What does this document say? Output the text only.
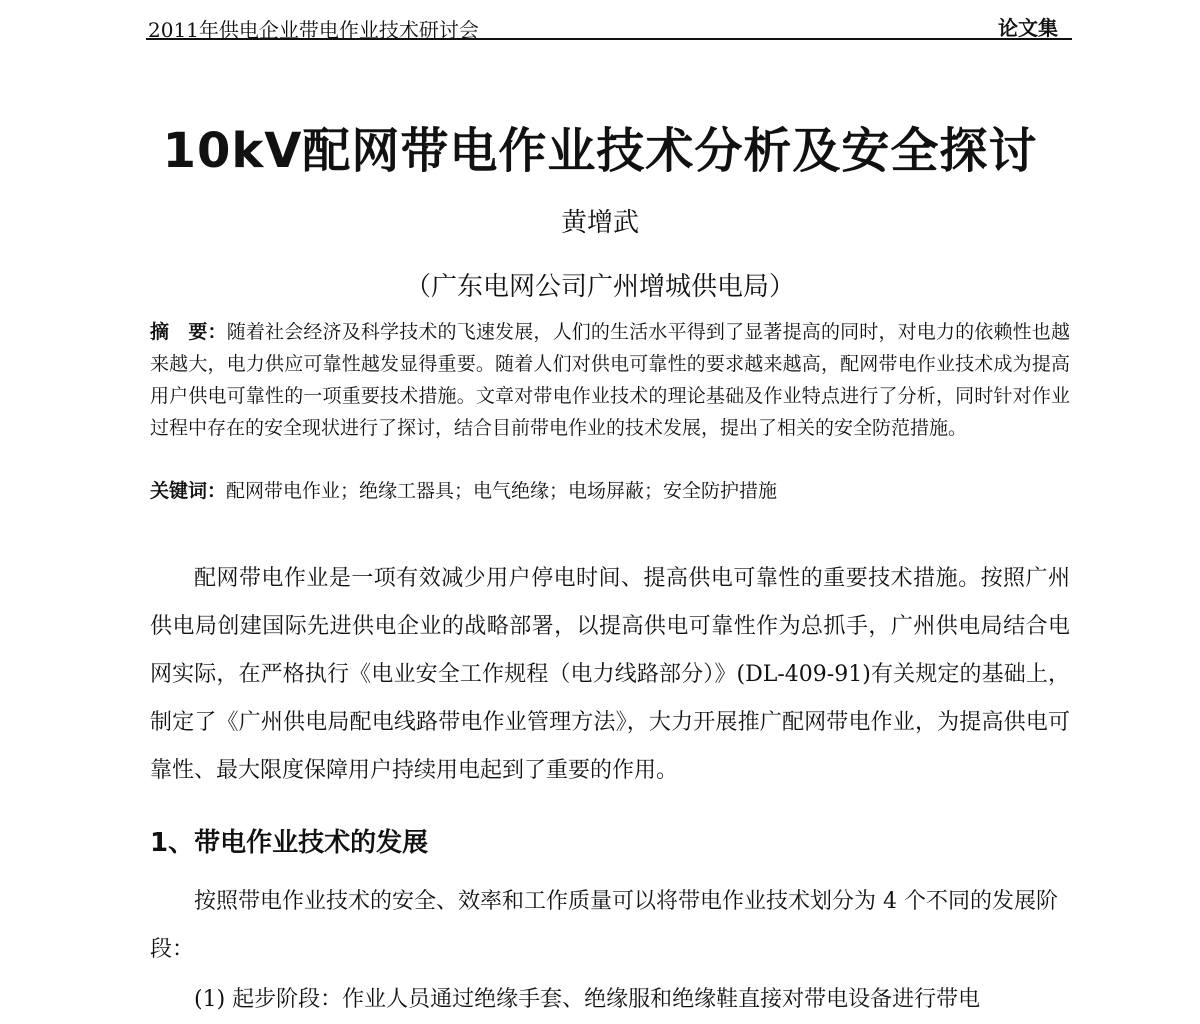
2011年供电企业带电作业技术研讨会	论文集
10kV配网带电作业技术分析及安全探讨
黄增武
（广东电网公司广州增城供电局）
摘　要：随着社会经济及科学技术的飞速发展，人们的生活水平得到了显著提高的同时，对电力的依赖性也越来越大，电力供应可靠性越发显得重要。随着人们对供电可靠性的要求越来越高，配网带电作业技术成为提高用户供电可靠性的一项重要技术措施。文章对带电作业技术的理论基础及作业特点进行了分析，同时针对作业过程中存在的安全现状进行了探讨，结合目前带电作业的技术发展，提出了相关的安全防范措施。
关键词：配网带电作业；绝缘工器具；电气绝缘；电场屏蔽；安全防护措施
配网带电作业是一项有效减少用户停电时间、提高供电可靠性的重要技术措施。按照广州供电局创建国际先进供电企业的战略部署，以提高供电可靠性作为总抓手，广州供电局结合电网实际，在严格执行《电业安全工作规程（电力线路部分）》(DL-409-91)有关规定的基础上，制定了《广州供电局配电线路带电作业管理方法》，大力开展推广配网带电作业，为提高供电可靠性、最大限度保障用户持续用电起到了重要的作用。
1、带电作业技术的发展
按照带电作业技术的安全、效率和工作质量可以将带电作业技术划分为 4 个不同的发展阶段：
(1) 起步阶段：作业人员通过绝缘手套、绝缘服和绝缘鞋直接对带电设备进行带电
